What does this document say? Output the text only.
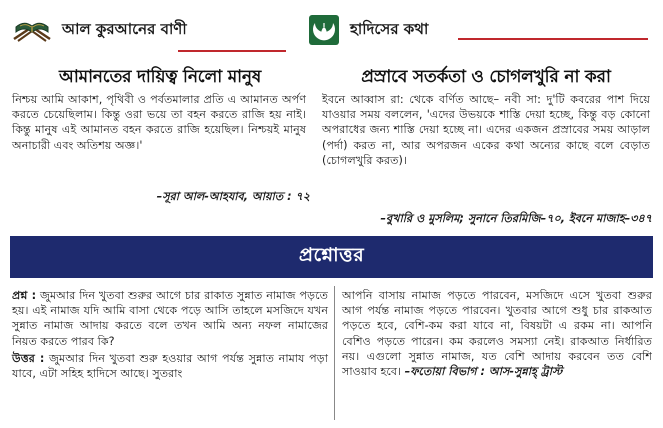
আল কুরআনের বাণী	হাদিসের কথা
আমানতের দায়িত্ব নিলো মানুষ

নিশ্চয় আমি আকাশ, পৃথিবী ও পর্বতমালার প্রতি এ আমানত অর্পণ করতে চেয়েছিলাম। কিন্তু ওরা ভয়ে তা বহন করতে রাজি হয় নাই। কিন্তু মানুষ এই আমানত বহন করতে রাজি হয়েছিল। নিশ্চয়ই মানুষ অনাচারী এবং অতিশয় অজ্ঞ।'

–সূরা আল-আহযাব, আয়াত : ৭২
প্রস্রাবে সতর্কতা ও চোগলখুরি না করা

ইবনে আব্বাস রা: থেকে বর্ণিত আছে– নবী সা: দু'টি কবরের পাশ দিয়ে যাওয়ার সময় বললেন, 'এদের উভয়কে শাস্তি দেয়া হচ্ছে, কিন্তু বড় কোনো অপরাধের জন্য শাস্তি দেয়া হচ্ছে না। এদের একজন প্রস্রাবের সময় আড়াল (পর্দা) করত না, আর অপরজন একের কথা অন্যের কাছে বলে বেড়াত (চোগলখুরি করত)।

–বুখারি ও মুসলিম; সুনানে তিরমিজি–৭০, ইবনে মাজাহ–৩৪৭
প্রশ্নোত্তর

প্রশ্ন : জুমআর দিন খুতবা শুরুর আগে চার রাকাত সুন্নাত নামাজ পড়তে হয়। এই নামাজ যদি আমি বাসা থেকে পড়ে আসি তাহলে মসজিদে যখন সুন্নাত নামাজ আদায় করতে বলে তখন আমি অন্য নফল নামাজের নিয়ত করতে পারব কি?

উত্তর : জুমআর দিন খুতবা শুরু হওয়ার আগ পর্যন্ত সুন্নাত নামায পড়া যাবে, এটা সহিহ হাদিসে আছে। সুতরাং

আপনি বাসায় নামাজ পড়তে পারবেন, মসজিদে এসে খুতবা শুরুর আগ পর্যন্ত নামাজ পড়তে পারবেন। খুতবার আগে শুধু চার রাকআত পড়তে হবে, বেশি-কম করা যাবে না, বিষয়টা এ রকম না। আপনি বেশিও পড়তে পারেন। কম করলেও সমস্যা নেই। রাকআত নির্ধারিত নয়। এগুলো সুন্নাত নামাজ, যত বেশি আদায় করবেন তত বেশি সাওয়াব হবে। –ফতোয়া বিভাগ : আস-সুন্নাহ্ ট্রাস্ট
